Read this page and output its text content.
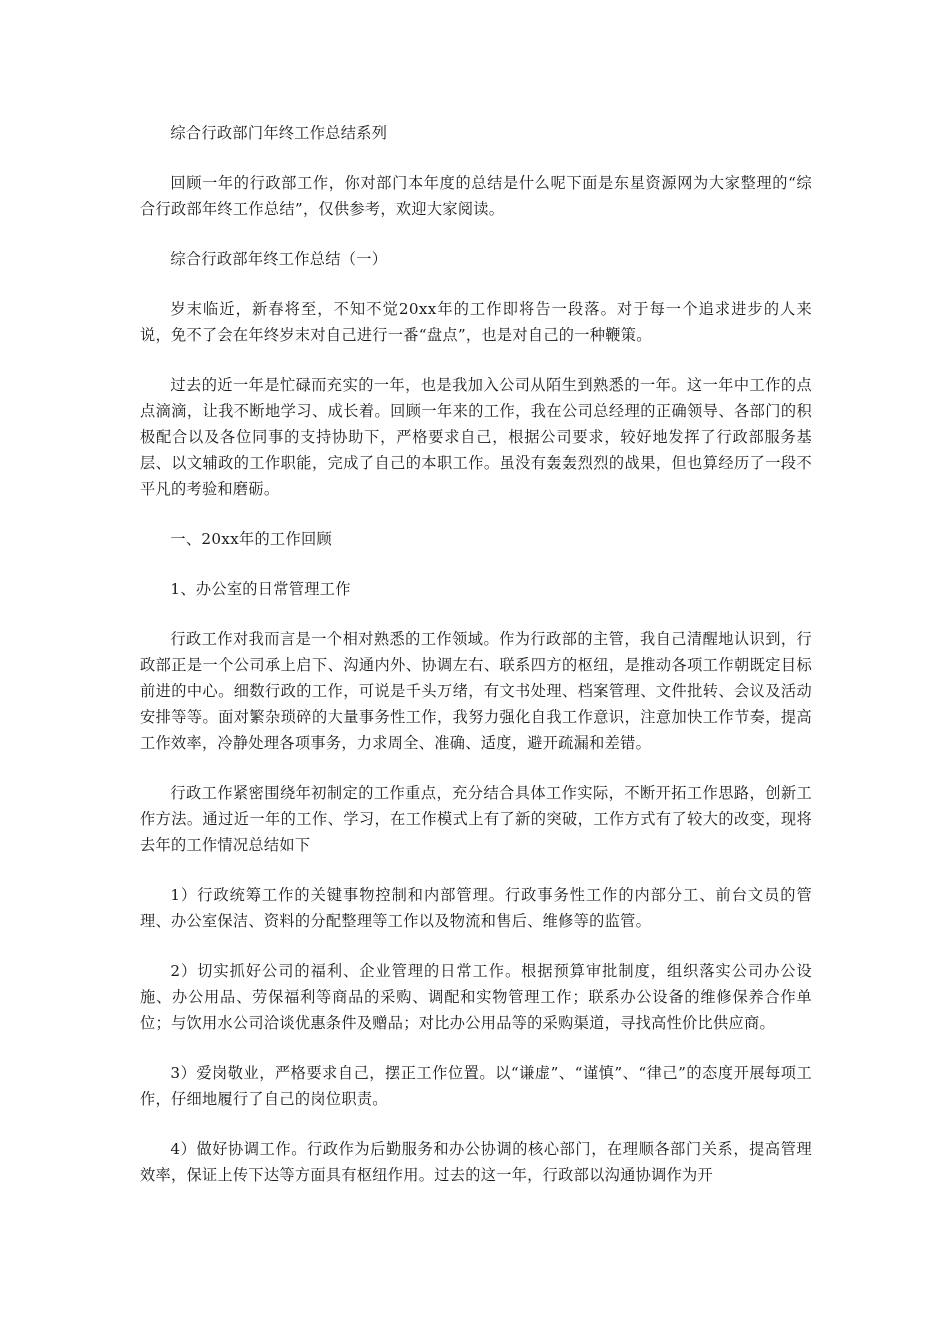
综合行政部门年终工作总结系列

回顾一年的行政部工作，你对部门本年度的总结是什么呢下面是东星资源网为大家整理的“综合行政部年终工作总结”，仅供参考，欢迎大家阅读。

综合行政部年终工作总结（一）

岁末临近，新春将至，不知不觉20xx年的工作即将告一段落。对于每一个追求进步的人来说，免不了会在年终岁末对自己进行一番“盘点”，也是对自己的一种鞭策。

过去的近一年是忙碌而充实的一年，也是我加入公司从陌生到熟悉的一年。这一年中工作的点点滴滴，让我不断地学习、成长着。回顾一年来的工作，我在公司总经理的正确领导、各部门的积极配合以及各位同事的支持协助下，严格要求自己，根据公司要求，较好地发挥了行政部服务基层、以文辅政的工作职能，完成了自己的本职工作。虽没有轰轰烈烈的战果，但也算经历了一段不平凡的考验和磨砺。

一、20xx年的工作回顾

1、办公室的日常管理工作

行政工作对我而言是一个相对熟悉的工作领域。作为行政部的主管，我自己清醒地认识到，行政部正是一个公司承上启下、沟通内外、协调左右、联系四方的枢纽，是推动各项工作朝既定目标前进的中心。细数行政的工作，可说是千头万绪，有文书处理、档案管理、文件批转、会议及活动安排等等。面对繁杂琐碎的大量事务性工作，我努力强化自我工作意识，注意加快工作节奏，提高工作效率，冷静处理各项事务，力求周全、准确、适度，避开疏漏和差错。

行政工作紧密围绕年初制定的工作重点，充分结合具体工作实际，不断开拓工作思路，创新工作方法。通过近一年的工作、学习，在工作模式上有了新的突破，工作方式有了较大的改变，现将去年的工作情况总结如下

1）行政统筹工作的关键事物控制和内部管理。行政事务性工作的内部分工、前台文员的管理、办公室保洁、资料的分配整理等工作以及物流和售后、维修等的监管。

2）切实抓好公司的福利、企业管理的日常工作。根据预算审批制度，组织落实公司办公设施、办公用品、劳保福利等商品的采购、调配和实物管理工作；联系办公设备的维修保养合作单位；与饮用水公司洽谈优惠条件及赠品；对比办公用品等的采购渠道，寻找高性价比供应商。

3）爱岗敬业，严格要求自己，摆正工作位置。以“谦虚”、“谨慎”、“律己”的态度开展每项工作，仔细地履行了自己的岗位职责。

4）做好协调工作。行政作为后勤服务和办公协调的核心部门，在理顺各部门关系，提高管理效率，保证上传下达等方面具有枢纽作用。过去的这一年，行政部以沟通协调作为开
